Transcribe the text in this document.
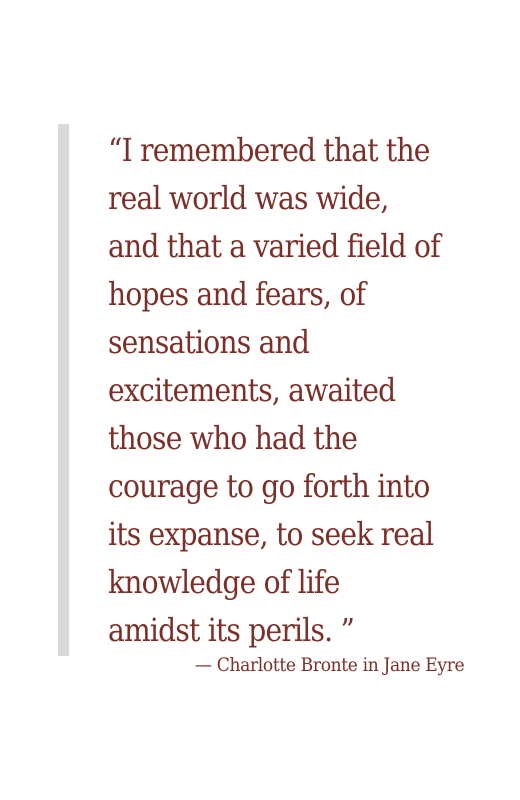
“I remembered that the
real world was wide,
and that a varied field of
hopes and fears, of
sensations and
excitements, awaited
those who had the
courage to go forth into
its expanse, to seek real
knowledge of life
amidst its perils. ”

— Charlotte Bronte in Jane Eyre
